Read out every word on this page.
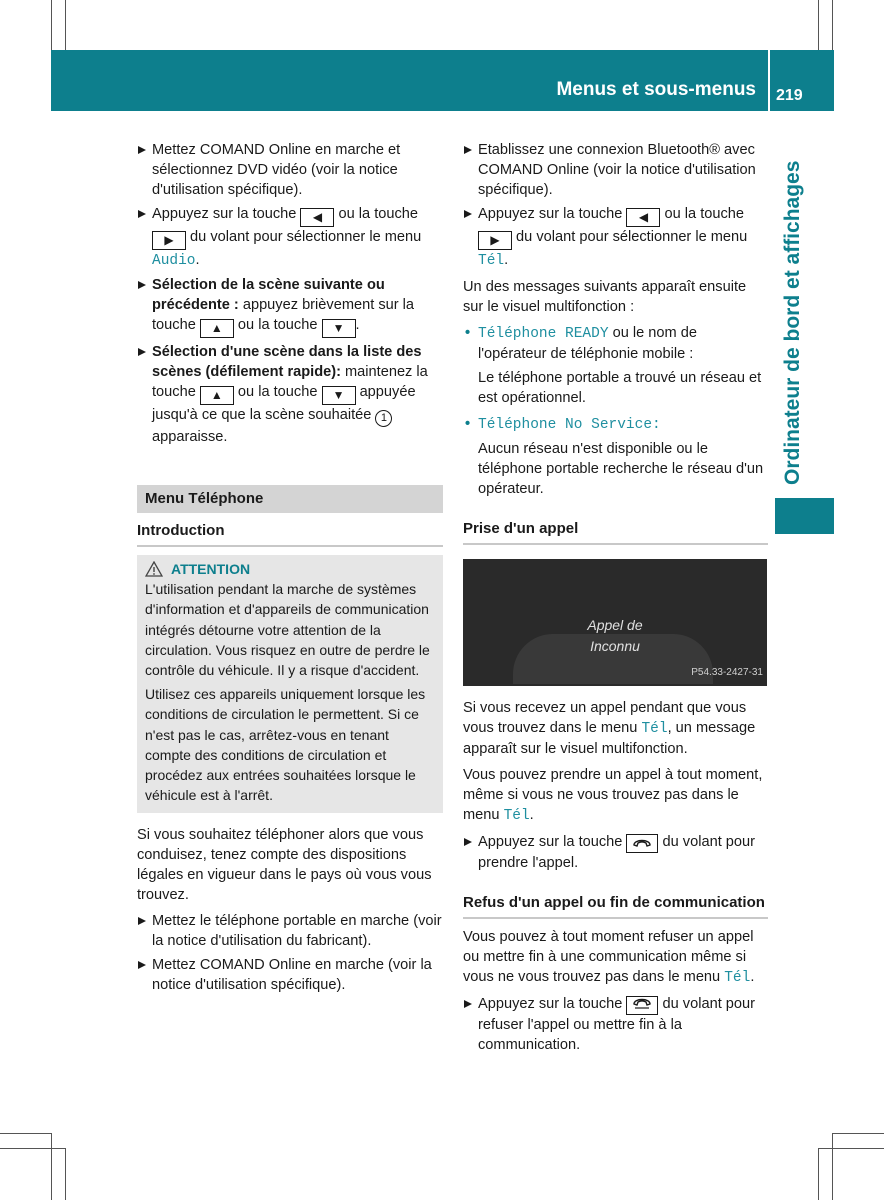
Menus et sous-menus 219
Ordinateur de bord et affichages
Mettez COMAND Online en marche et sélectionnez DVD vidéo (voir la notice d'utilisation spécifique).
Appuyez sur la touche ◀ ou la touche ▶ du volant pour sélectionner le menu Audio.
Sélection de la scène suivante ou précédente : appuyez brièvement sur la touche ▲ ou la touche ▼ .
Sélection d'une scène dans la liste des scènes (défilement rapide): maintenez la touche ▲ ou la touche ▼ appuyée jusqu'à ce que la scène souhaitée 1 apparaisse.
Menu Téléphone
Introduction
ATTENTION
L'utilisation pendant la marche de systèmes d'information et d'appareils de communication intégrés détourne votre attention de la circulation. Vous risquez en outre de perdre le contrôle du véhicule. Il y a risque d'accident.
Utilisez ces appareils uniquement lorsque les conditions de circulation le permettent. Si ce n'est pas le cas, arrêtez-vous en tenant compte des conditions de circulation et procédez aux entrées souhaitées lorsque le véhicule est à l'arrêt.
Si vous souhaitez téléphoner alors que vous conduisez, tenez compte des dispositions légales en vigueur dans le pays où vous vous trouvez.
Mettez le téléphone portable en marche (voir la notice d'utilisation du fabricant).
Mettez COMAND Online en marche (voir la notice d'utilisation spécifique).
Etablissez une connexion Bluetooth® avec COMAND Online (voir la notice d'utilisation spécifique).
Appuyez sur la touche ◀ ou la touche ▶ du volant pour sélectionner le menu Tél.
Un des messages suivants apparaît ensuite sur le visuel multifonction :
• Téléphone READY ou le nom de l'opérateur de téléphonie mobile :
Le téléphone portable a trouvé un réseau et est opérationnel.
• Téléphone No Service:
Aucun réseau n'est disponible ou le téléphone portable recherche le réseau d'un opérateur.
Prise d'un appel
Appel de
Inconnu
P54.33-2427-31
Si vous recevez un appel pendant que vous vous trouvez dans le menu Tél, un message apparaît sur le visuel multifonction.
Vous pouvez prendre un appel à tout moment, même si vous ne vous trouvez pas dans le menu Tél.
Appuyez sur la touche  du volant pour prendre l'appel.
Refus d'un appel ou fin de communication
Vous pouvez à tout moment refuser un appel ou mettre fin à une communication même si vous ne vous trouvez pas dans le menu Tél.
Appuyez sur la touche  du volant pour refuser l'appel ou mettre fin à la communication.
